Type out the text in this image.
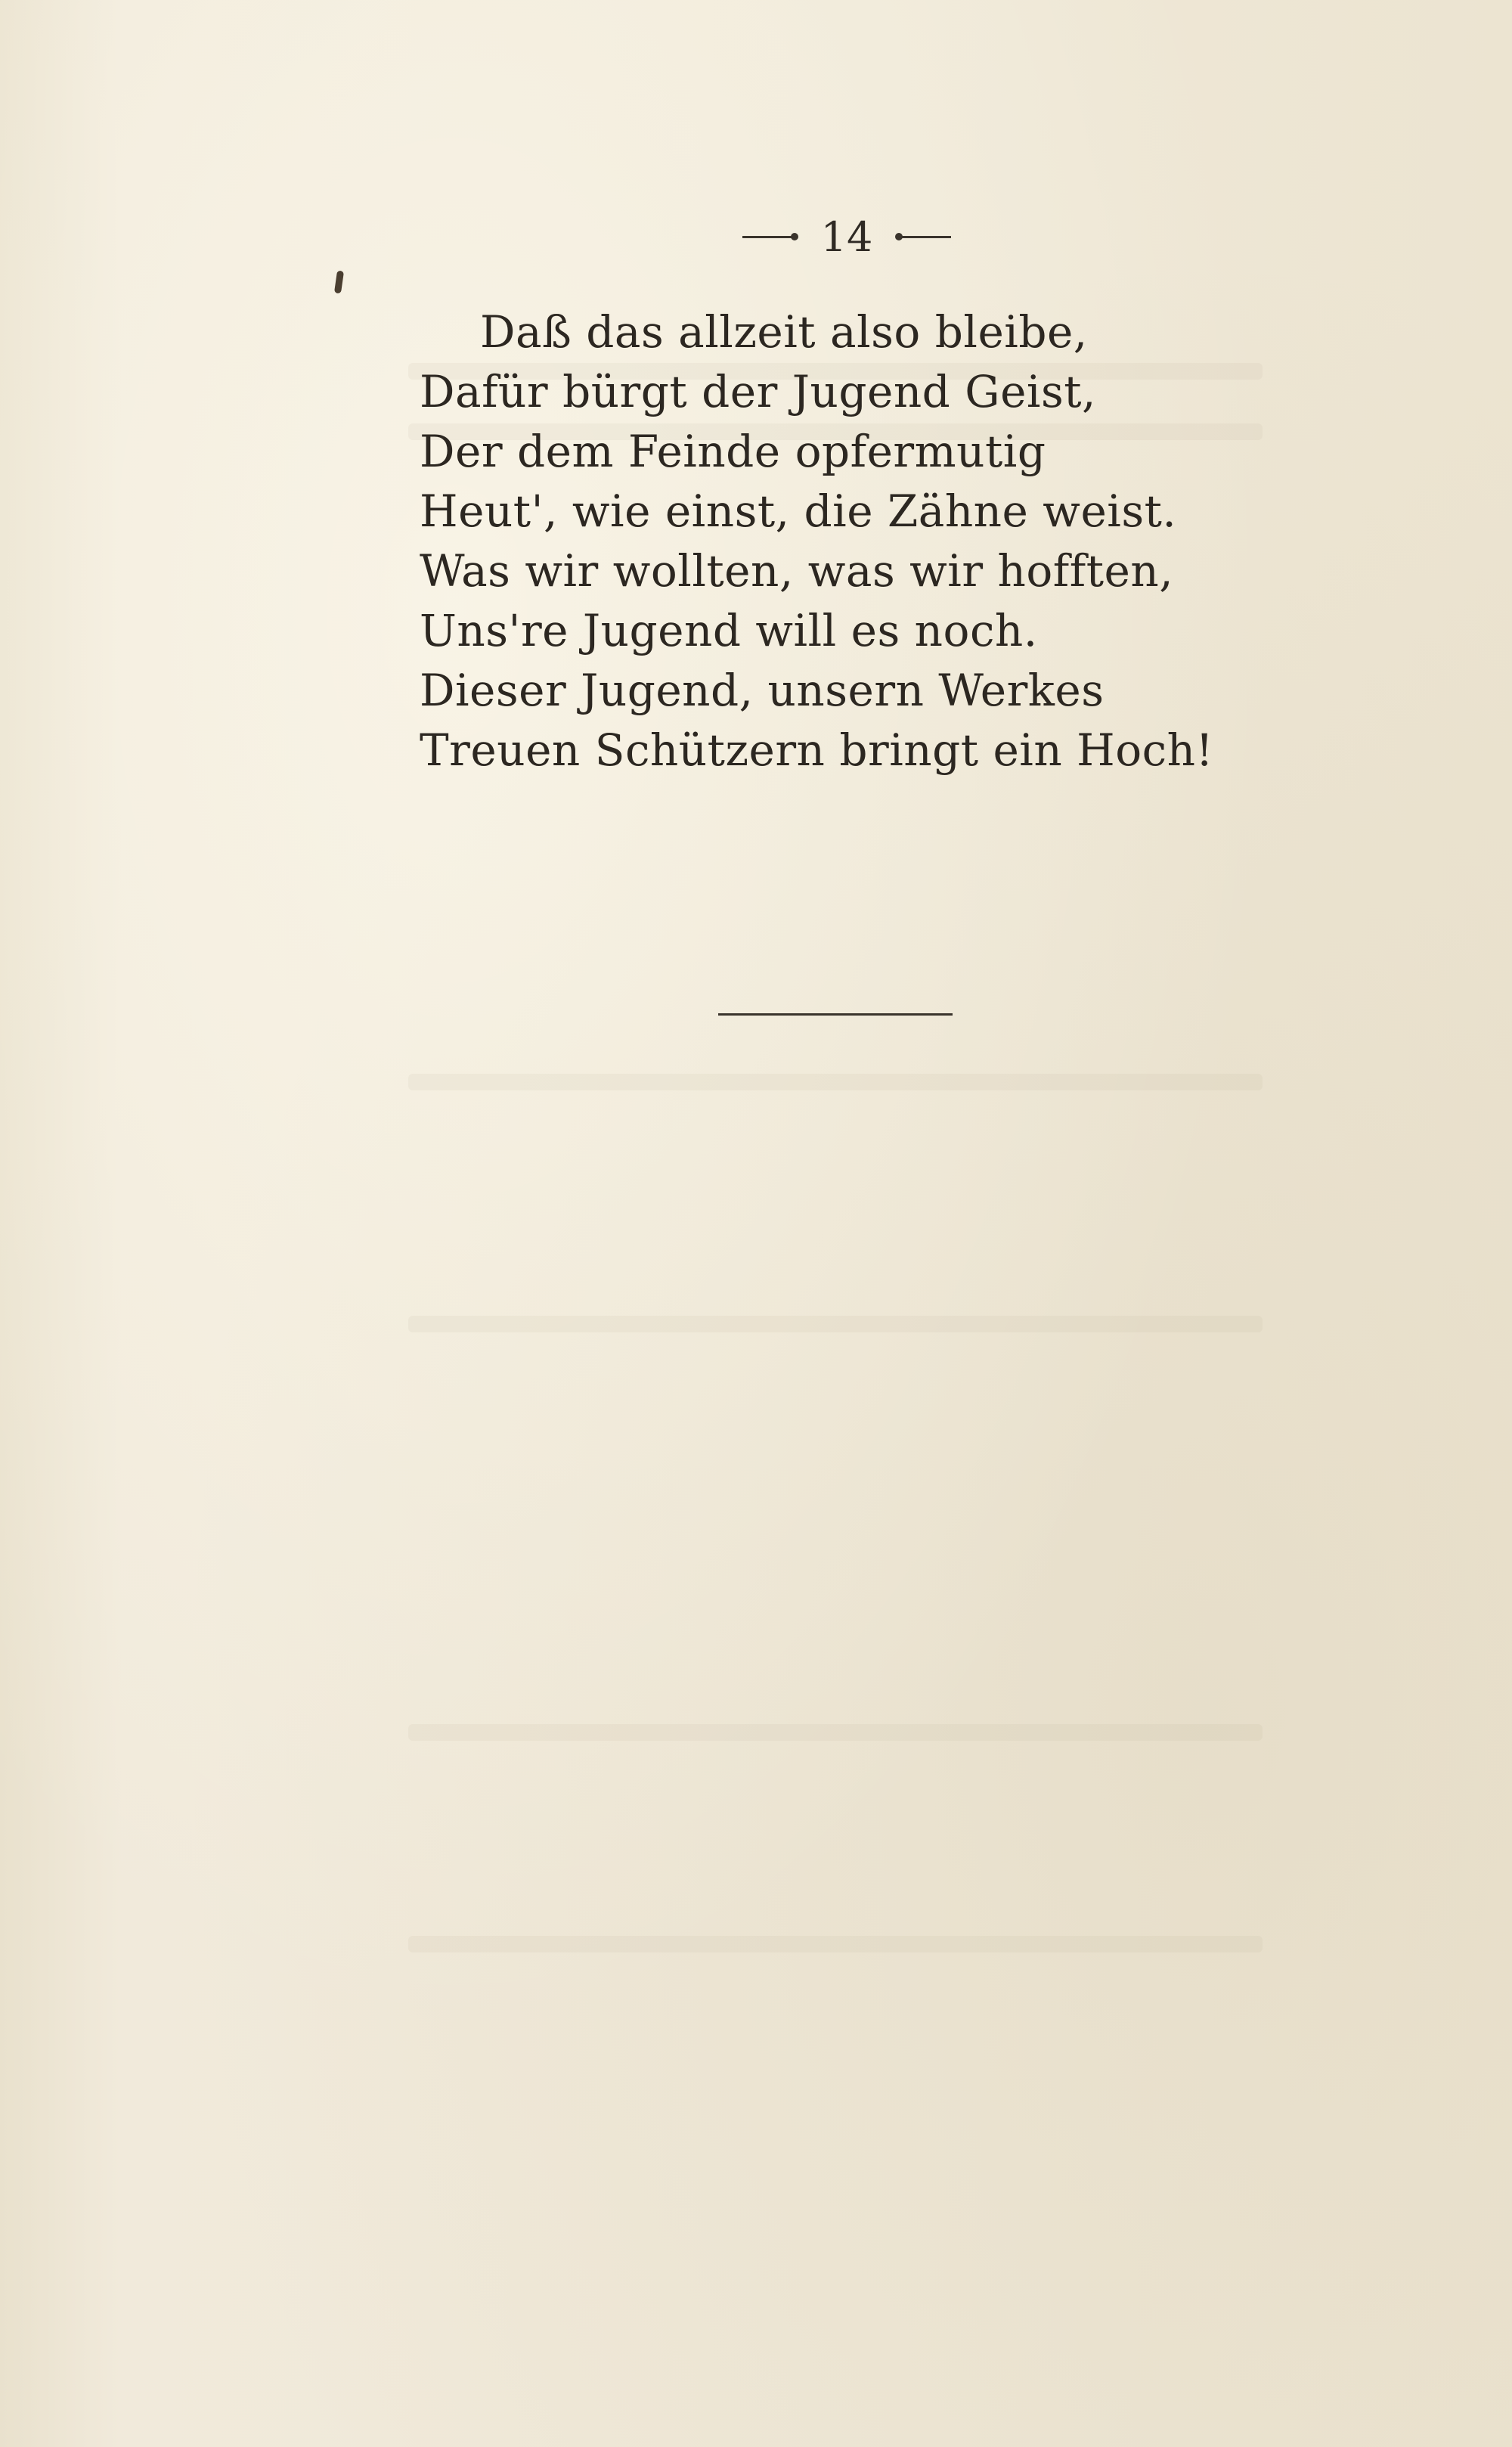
14
Daß das allzeit also bleibe,
Dafür bürgt der Jugend Geist,
Der dem Feinde opfermutig
Heut', wie einst, die Zähne weist.
Was wir wollten, was wir hofften,
Uns're Jugend will es noch.
Dieser Jugend, unsern Werkes
Treuen Schützern bringt ein Hoch!
